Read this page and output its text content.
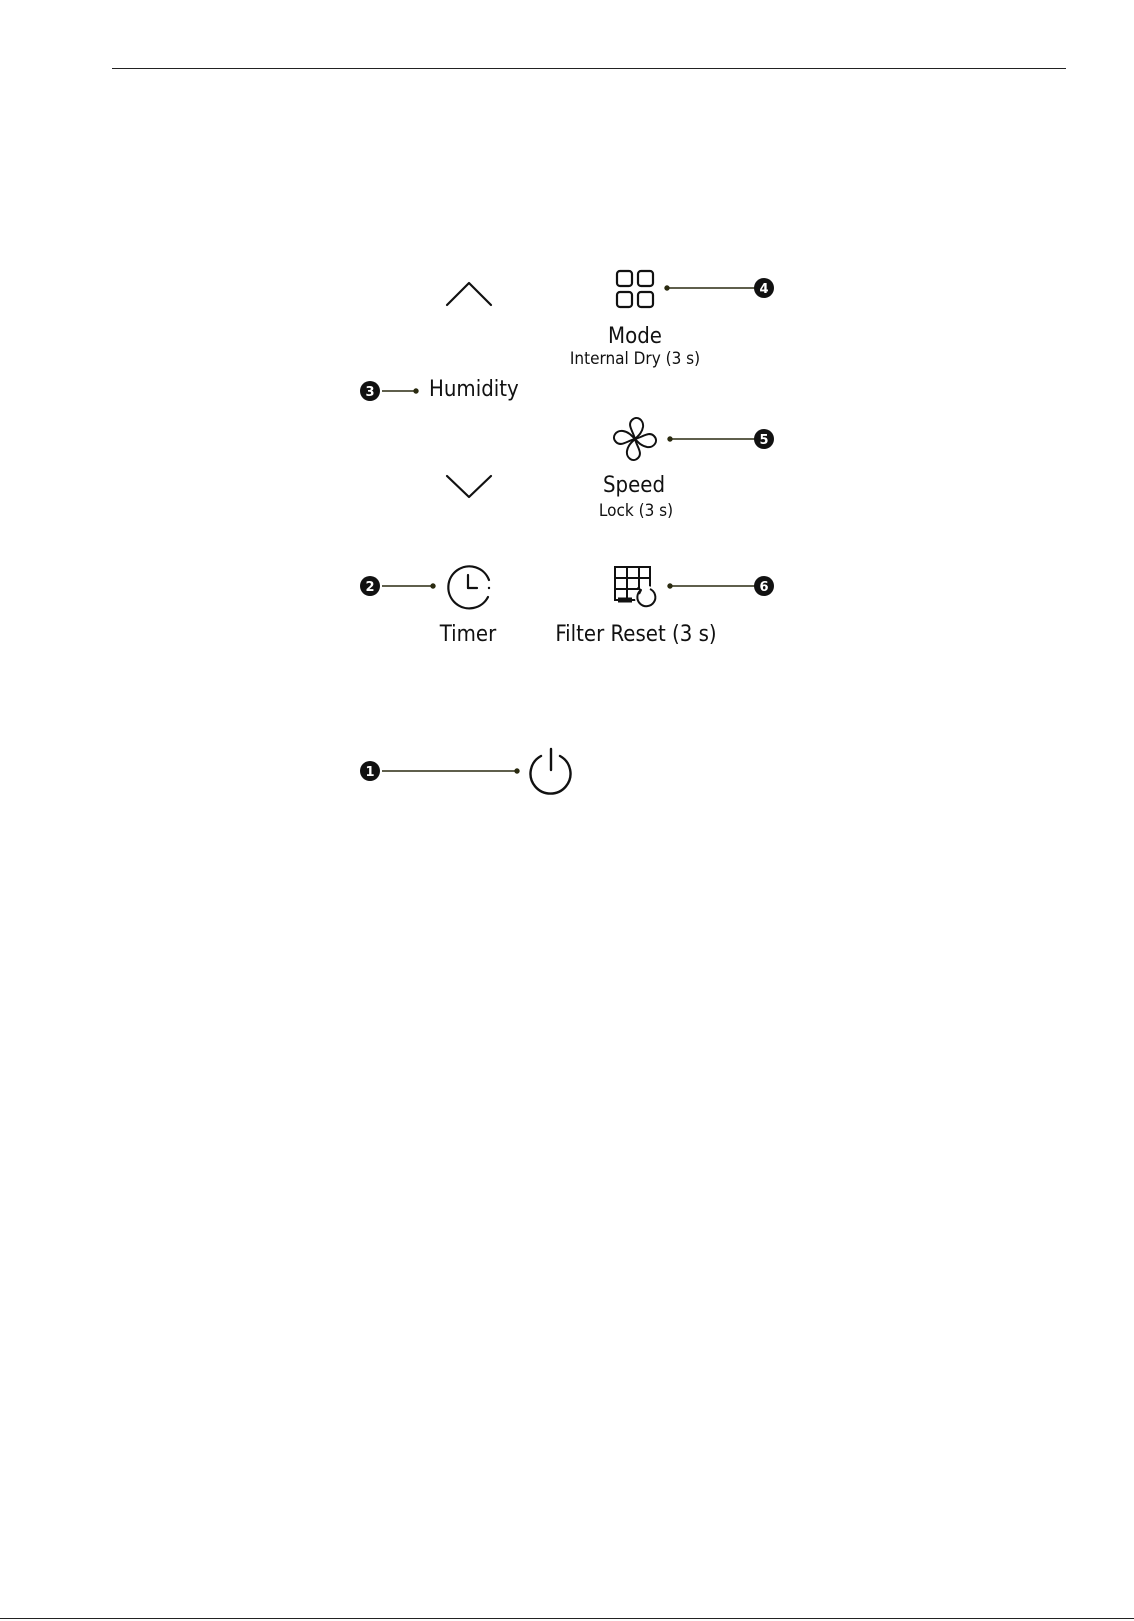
4
3
5
2	6
1
Mode
Internal Dry (3 s)
Humidity
Speed
Lock (3 s)
Timer	Filter Reset (3 s)
